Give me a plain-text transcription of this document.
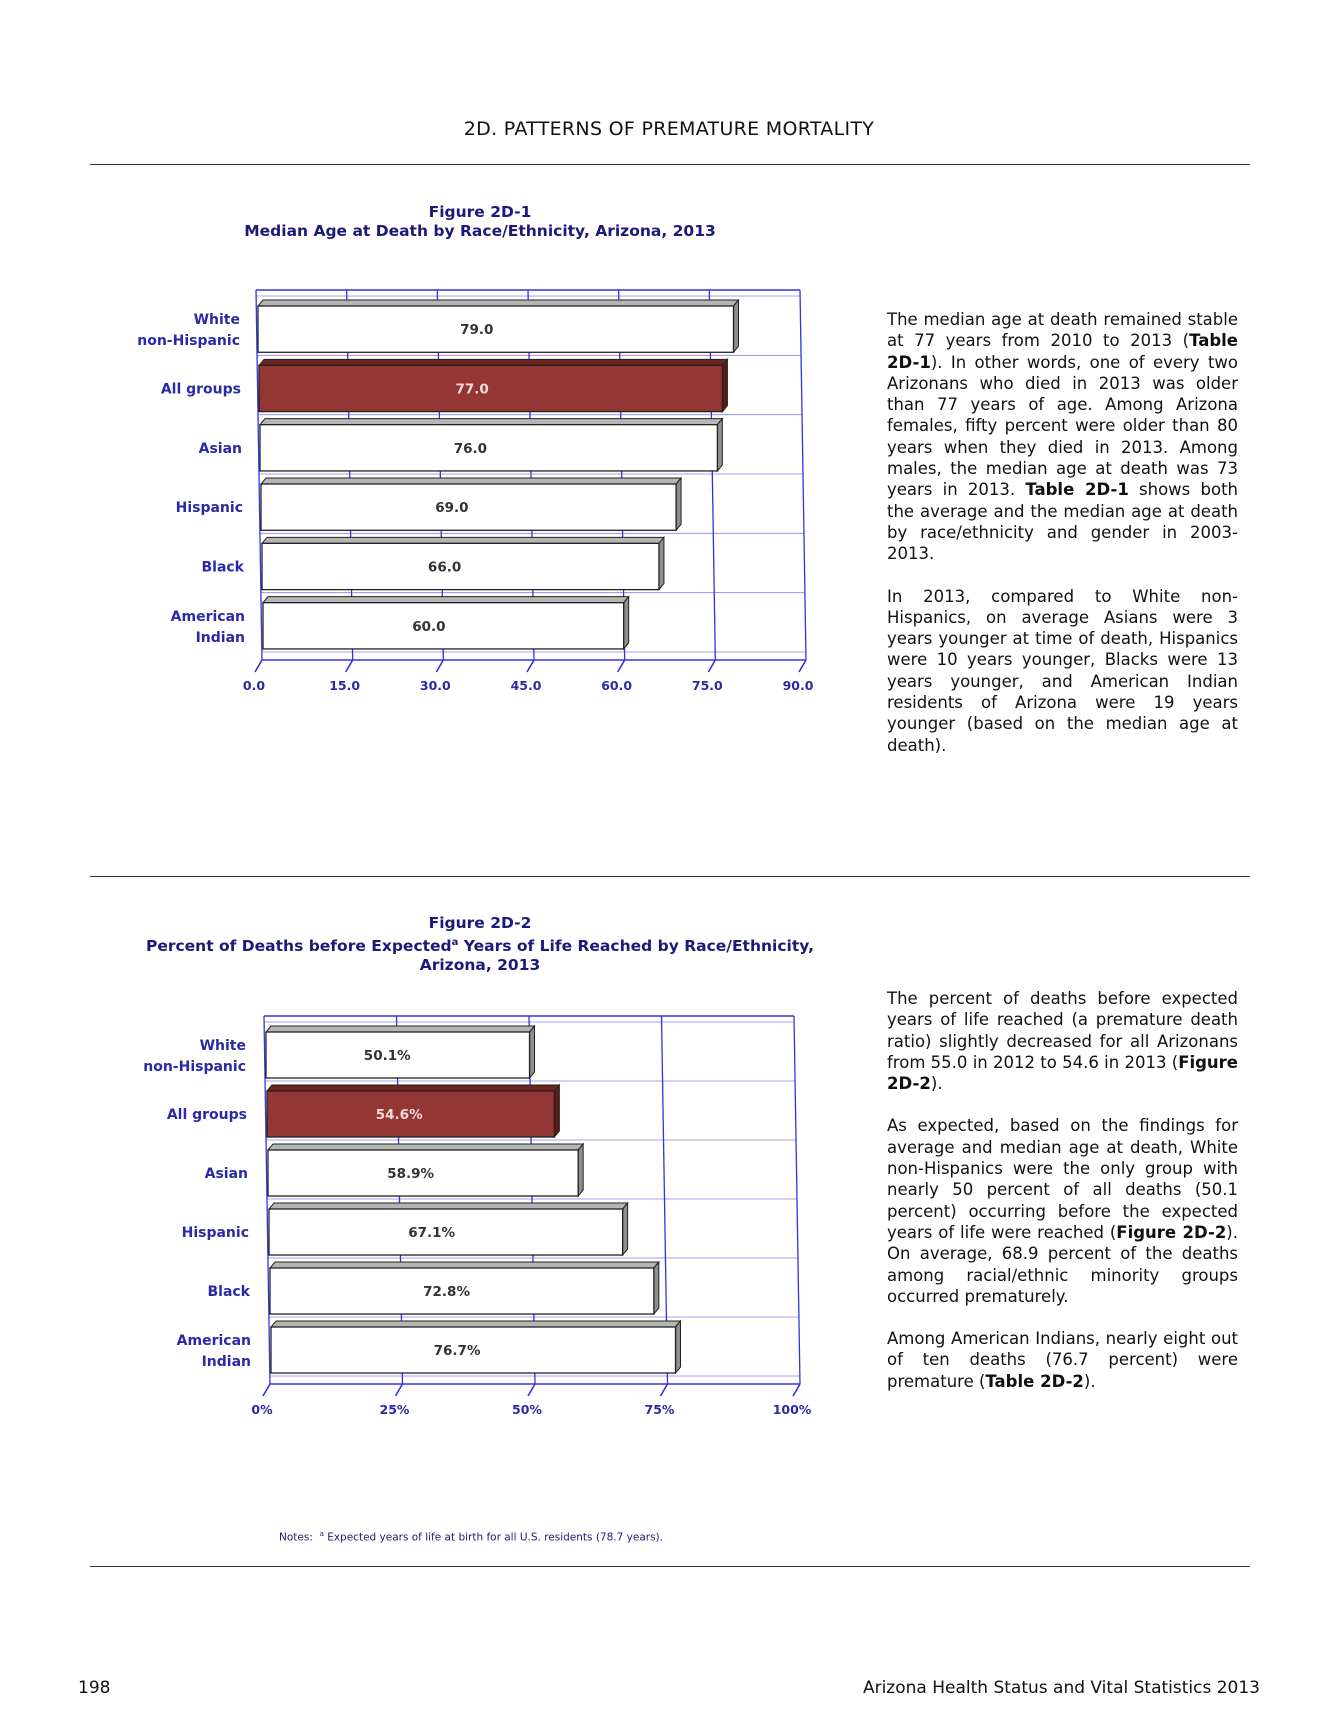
2D. PATTERNS OF PREMATURE MORTALITY
Figure 2D-1
Median Age at Death by Race/Ethnicity, Arizona, 2013
0.0	15.0	30.0	45.0	60.0	75.0	90.0
79.0
White
non-Hispanic
77.0
All groups
76.0
Asian
69.0
Hispanic
66.0
Black
60.0
American
Indian

The median age at death remained stable at 77 years from 2010 to 2013 (Table 2D-1). In other words, one of every two Arizonans who died in 2013 was older than 77 years of age. Among Arizona females, fifty percent were older than 80 years when they died in 2013. Among males, the median age at death was 73 years in 2013. Table 2D-1 shows both the average and the median age at death by race/ethnicity and gender in 2003-2013.

In 2013, compared to White non-Hispanics, on average Asians were 3 years younger at time of death, Hispanics were 10 years younger, Blacks were 13 years younger, and American Indian residents of Arizona were 19 years younger (based on the median age at death).

Figure 2D-2
Percent of Deaths before Expected$^a$ Years of Life Reached by Race/Ethnicity,
Arizona, 2013
0%	25%	50%	75%	100%
50.1%
White
non-Hispanic
54.6%
All groups
58.9%
Asian
67.1%
Hispanic
72.8%
Black
76.7%
American
Indian

The percent of deaths before expected years of life reached (a premature death ratio) slightly decreased for all Arizonans from 55.0 in 2012 to 54.6 in 2013 (Figure 2D-2).

As expected, based on the findings for average and median age at death, White non-Hispanics were the only group with nearly 50 percent of all deaths (50.1 percent) occurring before the expected years of life were reached (Figure 2D-2). On average, 68.9 percent of the deaths among racial/ethnic minority groups occurred prematurely.

Among American Indians, nearly eight out of ten deaths (76.7 percent) were premature (Table 2D-2).

Notes: $^a$ Expected years of life at birth for all U.S. residents (78.7 years).
198	Arizona Health Status and Vital Statistics 2013
